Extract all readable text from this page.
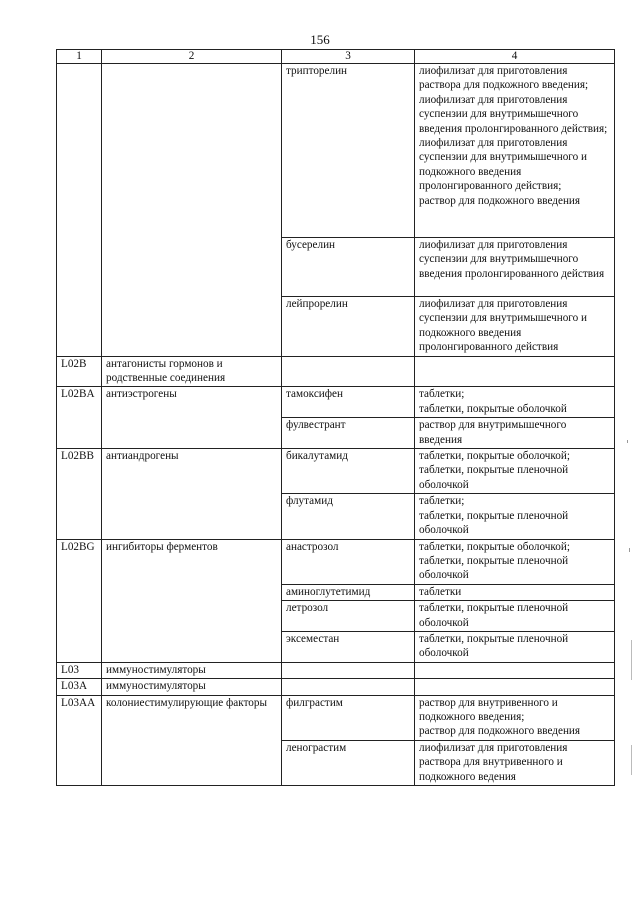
156
1	2	3	4
		трипторелин	лиофилизат для приготовления раствора для подкожного введения;
лиофилизат для приготовления суспензии для внутримышечного введения пролонгированного действия;
лиофилизат для приготовления суспензии для внутримышечного и подкожного введения пролонгированного действия;
раствор для подкожного введения
		бусерелин	лиофилизат для приготовления суспензии для внутримышечного введения пролонгированного действия
		лейпрорелин	лиофилизат для приготовления суспензии для внутримышечного и подкожного введения пролонгированного действия
L02B	антагонисты гормонов и родственные соединения		
L02BA	антиэстрогены	тамоксифен	таблетки;
таблетки, покрытые оболочкой
		фулвестрант	раствор для внутримышечного введения
L02BB	антиандрогены	бикалутамид	таблетки, покрытые оболочкой;
таблетки, покрытые пленочной оболочкой
		флутамид	таблетки;
таблетки, покрытые пленочной оболочкой
L02BG	ингибиторы ферментов	анастрозол	таблетки, покрытые оболочкой;
таблетки, покрытые пленочной оболочкой
		аминоглутетимид	таблетки
		летрозол	таблетки, покрытые пленочной оболочкой
		эксеместан	таблетки, покрытые пленочной оболочкой
L03	иммуностимуляторы		
L03A	иммуностимуляторы		
L03AA	колониестимулирующие факторы	филграстим	раствор для внутривенного и подкожного введения;
раствор для подкожного введения
		ленограстим	лиофилизат для приготовления раствора для внутривенного и подкожного ведения
